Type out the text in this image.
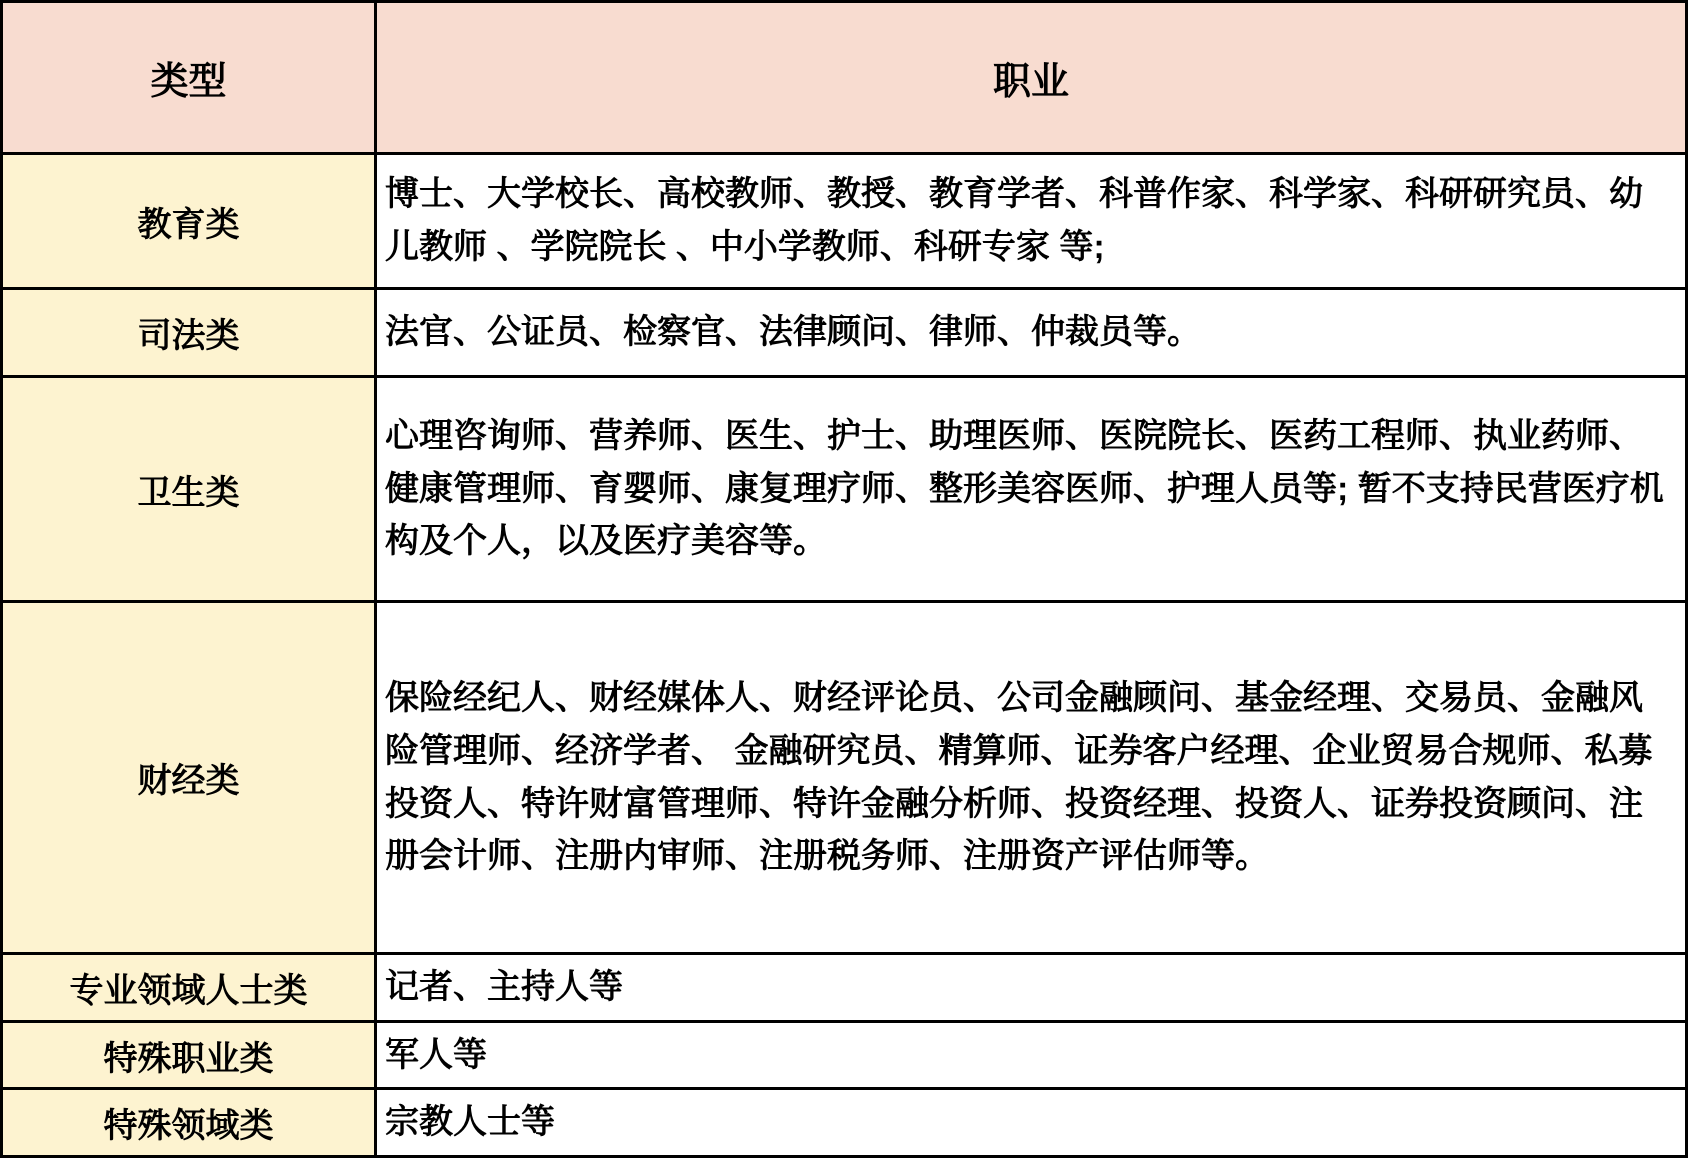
类型	职业
教育类	博士、大学校长、高校教师、教授、教育学者、科普作家、科学家、科研研究员、幼儿教师 、学院院长 、中小学教师、科研专家 等;
司法类	法官、公证员、检察官、法律顾问、律师、仲裁员等。
卫生类	心理咨询师、营养师、医生、护士、助理医师、医院院长、医药工程师、执业药师、健康管理师、育婴师、康复理疗师、整形美容医师、护理人员等; 暂不支持民营医疗机构及个人，以及医疗美容等。
财经类	保险经纪人、财经媒体人、财经评论员、公司金融顾问、基金经理、交易员、金融风险管理师、经济学者、 金融研究员、精算师、证券客户经理、企业贸易合规师、私募投资人、特许财富管理师、特许金融分析师、投资经理、投资人、证券投资顾问、注册会计师、注册内审师、注册税务师、注册资产评估师等。
专业领域人士类	记者、主持人等
特殊职业类	军人等
特殊领域类	宗教人士等
